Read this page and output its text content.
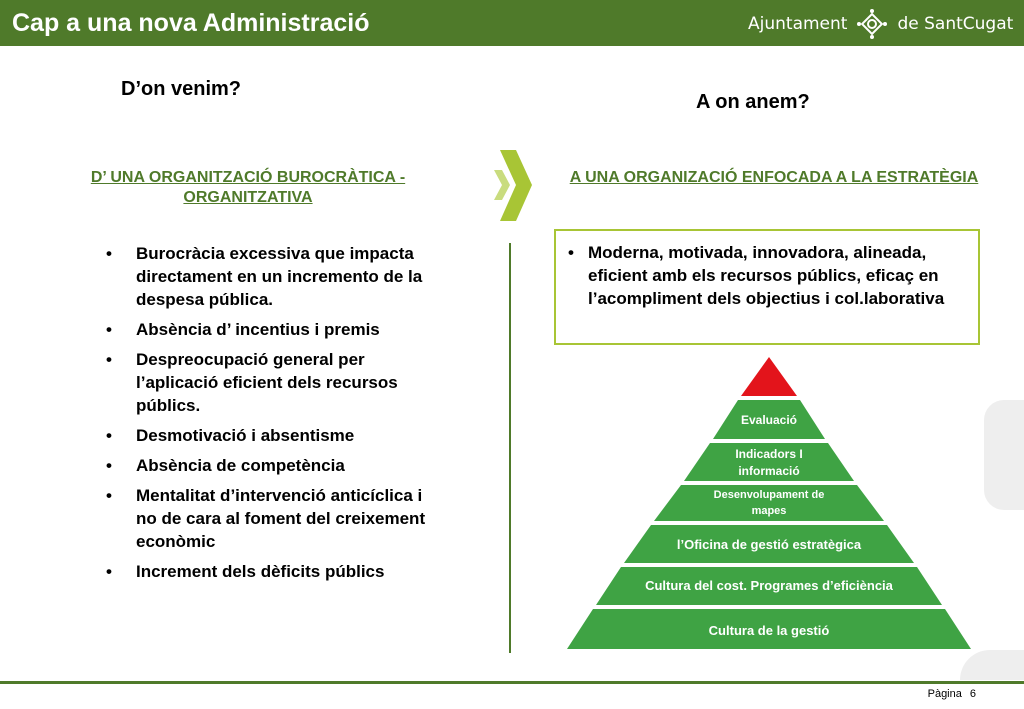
Cap a una nova Administració	Ajuntament	de SantCugat
D’on venim?
A on anem?
D’ UNA ORGANITZACIÓ BUROCRÀTICA - ORGANITZATIVA
A UNA ORGANIZACIÓ ENFOCADA A LA ESTRATÈGIA
• Burocràcia excessiva que impacta directament en un incremento de la despesa pública.
• Absència d’ incentius i premis
• Despreocupació general per l’aplicació eficient dels recursos públics.
• Desmotivació i absentisme
• Absència de competència
• Mentalitat d’intervenció anticíclica i no de cara al foment del creixement econòmic
• Increment dels dèficits públics
• Moderna, motivada, innovadora, alineada, eficient amb els recursos públics, eficaç en l’acompliment dels objectius i col.laborativa
Evaluació
Indicadors I
informació
Desenvolupament de
mapes
l’Oficina de gestió estratègica
Cultura del cost. Programes d’eficiència
Cultura de la gestió
Pàgina 6
